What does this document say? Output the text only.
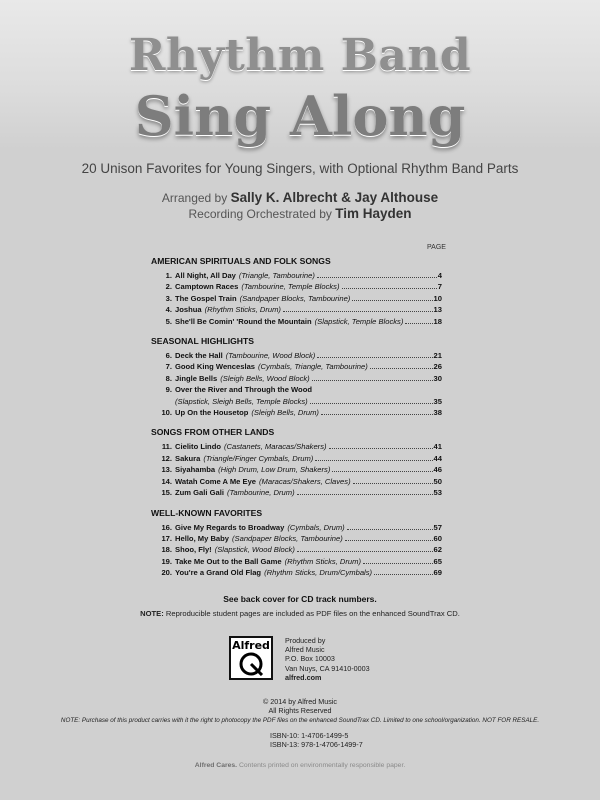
Rhythm Band
Sing Along
20 Unison Favorites for Young Singers, with Optional Rhythm Band Parts
Arranged by Sally K. Albrecht & Jay Althouse
Recording Orchestrated by Tim Hayden
PAGE
AMERICAN SPIRITUALS AND FOLK SONGS
1. All Night, All Day (Triangle, Tambourine)	4
2. Camptown Races (Tambourine, Temple Blocks)	7
3. The Gospel Train (Sandpaper Blocks, Tambourine)	10
4. Joshua (Rhythm Sticks, Drum)	13
5. She'll Be Comin' 'Round the Mountain (Slapstick, Temple Blocks)	18
SEASONAL HIGHLIGHTS
6. Deck the Hall (Tambourine, Wood Block)	21
7. Good King Wenceslas (Cymbals, Triangle, Tambourine)	26
8. Jingle Bells (Sleigh Bells, Wood Block)	30
9. Over the River and Through the Wood
(Slapstick, Sleigh Bells, Temple Blocks)	35
10. Up On the Housetop (Sleigh Bells, Drum)	38
SONGS FROM OTHER LANDS
11. Cielito Lindo (Castanets, Maracas/Shakers)	41
12. Sakura (Triangle/Finger Cymbals, Drum)	44
13. Siyahamba (High Drum, Low Drum, Shakers)	46
14. Watah Come A Me Eye (Maracas/Shakers, Claves)	50
15. Zum Gali Gali (Tambourine, Drum)	53
WELL-KNOWN FAVORITES
16. Give My Regards to Broadway (Cymbals, Drum)	57
17. Hello, My Baby (Sandpaper Blocks, Tambourine)	60
18. Shoo, Fly! (Slapstick, Wood Block)	62
19. Take Me Out to the Ball Game (Rhythm Sticks, Drum)	65
20. You're a Grand Old Flag (Rhythm Sticks, Drum/Cymbals)	69
See back cover for CD track numbers.
NOTE: Reproducible student pages are included as PDF files on the enhanced SoundTrax CD.
Alfred Produced by
Alfred Music
P.O. Box 10003
Van Nuys, CA 91410-0003
alfred.com
© 2014 by Alfred Music
All Rights Reserved
NOTE: Purchase of this product carries with it the right to photocopy the PDF files on the enhanced SoundTrax CD. Limited to one school/organization. NOT FOR RESALE.
ISBN-10: 1-4706-1499-5
ISBN-13: 978-1-4706-1499-7
Alfred Cares. Contents printed on environmentally responsible paper.
